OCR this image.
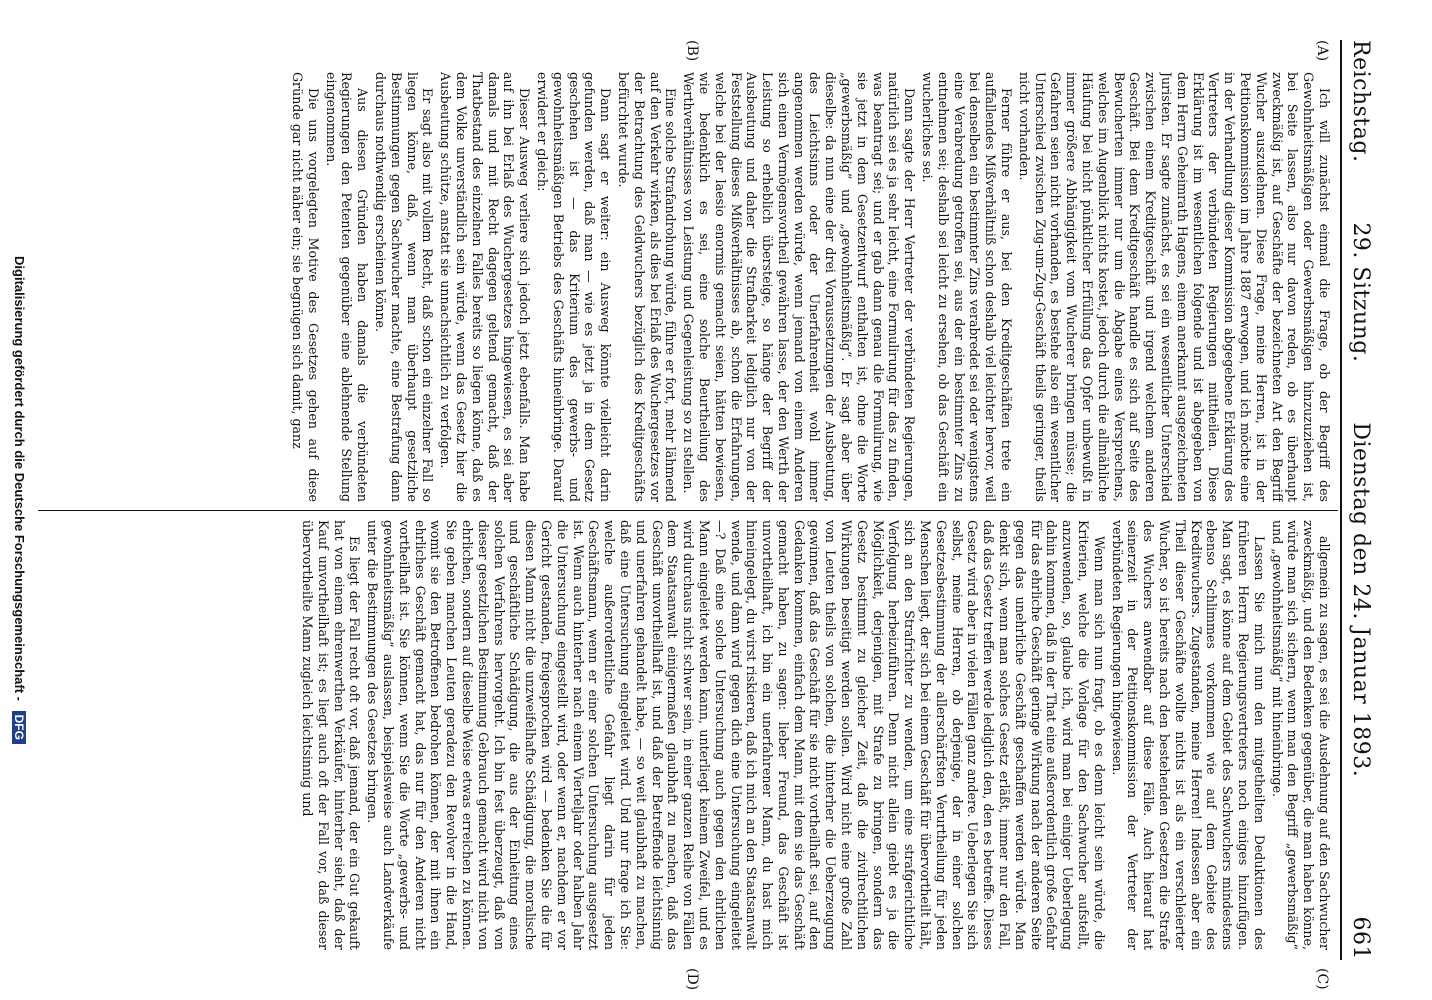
Reichstag.
29. Sitzung.
Dienstag den 24. Januar 1893.
661
(A)
(B)
(C)
(D)

Ich will zunächst einmal die Frage, ob der Begriff des Gewohnheitsmäßigen oder Gewerbsmäßigen hinzuzuziehen ist, bei Seite lassen, also nur davon reden, ob es überhaupt zweckmäßig ist, auf Geschäfte der bezeichneten Art den Begriff Wucher auszudehnen. Diese Frage, meine Herren, ist in der Petitionskommission im Jahre 1887 erwogen, und ich möchte eine in der Verhandlung dieser Kommission abgegebene Erklärung des Vertreters der verbündeten Regierungen mittheilen. Diese Erklärung ist im wesentlichen folgende und ist abgegeben von dem Herrn Geheimrath Hagens, einem anerkannt ausgezeichneten Juristen. Er sagte zunächst, es sei ein wesentlicher Unterschied zwischen einem Kreditgeschäft und irgend welchem anderen Geschäft. Bei dem Kreditgeschäft handle es sich auf Seite des Bewucherten immer nur um die Abgabe eines Versprechens, welches im Augenblick nichts kostet, jedoch durch die allmähliche Häufung bei nicht pünktlicher Erfüllung das Opfer unbewußt in immer größere Abhängigkeit vom Wucherer bringen müsse; die Gefahren seien nicht vorhanden, es bestehe also ein wesentlicher Unterschied zwischen Zug-um-Zug-Geschäft theils geringer, theils nicht vorhanden.

Ferner führe er aus, bei den Kreditgeschäften trete ein auffallendes Mißverhältniß schon deshalb viel leichter hervor, weil bei denselben ein bestimmter Zins verabredet sei oder wenigstens eine Verabredung getroffen sei, aus der ein bestimmter Zins zu entnehmen sei; deshalb sei leicht zu ersehen, ob das Geschäft ein wucherliches sei.

Dann sagte der Herr Vertreter der verbündeten Regierungen, natürlich sei es ja sehr leicht, eine Formulirung für das zu finden, was beantragt sei; und er gab dann genau die Formulirung, wie sie jetzt in dem Gesetzentwurf enthalten ist, ohne die Worte „gewerbsmäßig“ und „gewohnheitsmäßig“. Er sagt aber über dieselbe: da nun eine der drei Voraussetzungen der Ausbeutung, des Leichtsinns oder der Unerfahrenheit wohl immer angenommen werden würde, wenn jemand von einem Anderen sich einen Vermögensvortheil gewähren lasse, der den Werth der Leistung so erheblich übersteige, so hänge der Begriff der Ausbeutung und daher die Strafbarkeit lediglich nur von der Feststellung dieses Mißverhältnisses ab, schon die Erfahrungen, welche bei der laesio enormis gemacht seien, hätten bewiesen, wie bedenklich es sei, eine solche Beurtheilung des Werthverhältnisses von Leistung und Gegenleistung so zu stellen.

Eine solche Strafandrohung würde, führe er fort, mehr lähmend auf den Verkehr wirken, als dies bei Erlaß des Wuchergesetzes vor der Betrachtung des Geldwuchers bezüglich des Kreditgeschäfts befürchtet wurde.

Dann sagt er weiter: ein Ausweg könnte vielleicht darin gefunden werden, daß man — wie es jetzt ja in dem Gesetz geschehen ist — das Kriterium des gewerbs- und gewohnheitsmäßigen Betriebs des Geschäfts hineinbringe. Darauf erwidert er gleich:

Dieser Ausweg verliere sich jedoch jetzt ebenfalls. Man habe auf ihn bei Erlaß des Wuchergesetzes hingewiesen, es sei aber damals und mit Recht dagegen geltend gemacht, daß der Thatbestand des einzelnen Falles bereits so liegen könne, daß es dem Volke unverständlich sein würde, wenn das Gesetz hier die Ausbeutung schütze, anstatt sie unnachsichtlich zu verfolgen.

Er sagt also mit vollem Recht, daß schon ein einzelner Fall so liegen könne, daß, wenn man überhaupt gesetzliche Bestimmungen gegen Sachwucher machte, eine Bestrafung dann durchaus nothwendig erscheinen könne.

Aus diesen Gründen haben damals die verbündeten Regierungen den Petenten gegenüber eine ablehnende Stellung eingenommen.

Die uns vorgelegten Motive des Gesetzes gehen auf diese Gründe gar nicht näher ein; sie begnügen sich damit, ganz

allgemein zu sagen, es sei die Ausdehnung auf den Sachwucher zweckmäßig, und den Bedenken gegenüber, die man haben könne, würde man sich sichern, wenn man den Begriff „gewerbsmäßig“ und „gewohnheitsmäßig“ mit hineinbringe.

Lassen Sie mich nun den mitgetheilten Deduktionen des früheren Herrn Regierungsvertreters noch einiges hinzufügen. Man sagt, es könne auf dem Gebiet des Sachwuchers mindestens ebenso Schlimmes vorkommen wie auf dem Gebiete des Kreditwuchers. Zugestanden, meine Herren! Indessen aber ein Theil dieser Geschäfte wollte nichts ist als ein verschleierter Wucher, so ist bereits nach den bestehenden Gesetzen die Strafe des Wuchers anwendbar auf diese Fälle. Auch hierauf hat seinerzeit in der Petitionskommission der Vertreter der verbündeten Regierungen hingewiesen.

Wenn man sich nun fragt, ob es denn leicht sein würde, die Kriterien, welche die Vorlage für den Sachwucher aufstellt, anzuwenden, so, glaube ich, wird man bei einiger Ueberlegung dahin kommen, daß in der That eine außerordentlich große Gefahr für das ehrliche Geschäft geringe Wirkung nach der anderen Seite gegen das unehrliche Geschäft geschaffen werden würde. Man denkt sich, wenn man solches Gesetz erläßt, immer nur den Fall, daß das Gesetz treffen werde lediglich den, den es betreffe. Dieses Gesetz wird aber in vielen Fällen ganz andere. Ueberlegen Sie sich selbst, meine Herren, ob derjenige, der in einer solchen Gesetzesbestimmung der allerschärfsten Verurtheilung für jeden Menschen liegt, der sich bei einem Geschäft für übervortheilt hält, sich an den Strafrichter zu wenden, um eine strafgerichtliche Verfolgung herbeizuführen. Denn nicht allein giebt es ja die Möglichkeit, derjenigen, mit Strafe zu bringen, sondern das Gesetz bestimmt zu gleicher Zeit, daß die zivilrechtlichen Wirkungen beseitigt werden sollen. Wird nicht eine große Zahl von Leuten theils von solchen, die hinterher die Ueberzeugung gewinnen, daß das Geschäft für sie nicht vortheilhaft sei, auf den Gedanken kommen, einfach dem Mann, mit dem sie das Geschäft gemacht haben, zu sagen: lieber Freund, das Geschäft ist unvortheilhaft, ich bin ein unerfahrener Mann, du hast mich hineingelegt, du wirst riskieren, daß ich mich an den Staatsanwalt wende, und dann wird gegen dich eine Untersuchung eingeleitet —? Daß eine solche Untersuchung auch gegen den ehrlichen Mann eingeleitet werden kann, unterliegt keinem Zweifel, und es wird durchaus nicht schwer sein, in einer ganzen Reihe von Fällen dem Staatsanwalt einigermaßen glaubhaft zu machen, daß das Geschäft unvortheilhaft ist, und daß der Betreffende leichtsinnig und unerfahren gehandelt habe, — so weit glaubhaft zu machen, daß eine Untersuchung eingeleitet wird. Und nur frage ich Sie: welche außerordentliche Gefahr liegt darin für jeden Geschäftsmann, wenn er einer solchen Untersuchung ausgesetzt ist. Wenn auch hinterher nach einem Vierteljahr oder halben Jahr die Untersuchung eingestellt wird, oder wenn er, nachdem er vor Gericht gestanden, freigesprochen wird — bedenken Sie die für diesen Mann nicht die unzweifelhafte Schädigung, die moralische und geschäftliche Schädigung, die aus der Einleitung eines solchen Verfahrens hervorgeht. Ich bin fest überzeugt, daß von dieser gesetzlichen Bestimmung Gebrauch gemacht wird nicht von ehrlichen, sondern auf dieselbe Weise etwas erreichen zu können. Sie geben manchen Leuten geradezu den Revolver in die Hand, womit sie den Betroffenen bedrohen können, der mit ihnen ein ehrliches Geschäft gemacht hat, das nur für den Anderen nicht vortheilhaft ist. Sie können, wenn Sie die Worte „gewerbs- und gewohnheitsmäßig“ auslassen, beispielsweise auch Landverkäufe unter die Bestimmungen des Gesetzes bringen.

Es liegt der Fall recht oft vor, daß jemand, der ein Gut gekauft hat von einem ehrenwerthen Verkäufer, hinterher sieht, daß der Kauf unvortheilhaft ist; es liegt auch oft der Fall vor, daß dieser übervortheilte Mann zugleich leichtsinnig und

Digitalisierung gefördert durch die Deutsche Forschungsgemeinschaft - DFG
